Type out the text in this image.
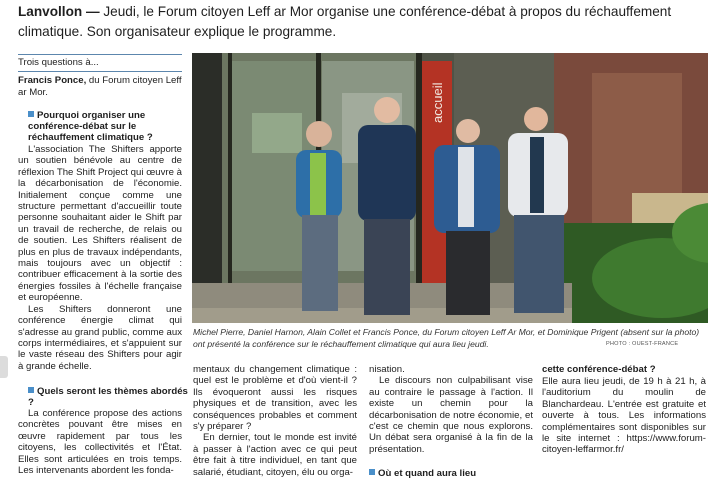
Lanvollon — Jeudi, le Forum citoyen Leff ar Mor organise une conférence-débat à propos du réchauffement climatique. Son organisateur explique le programme.
Trois questions à...
Francis Ponce, du Forum citoyen Leff ar Mor.
Pourquoi organiser une conférence-débat sur le réchauffement climatique ?

L'association The Shifters apporte un soutien bénévole au centre de réflexion The Shift Project qui œuvre à la décarbonisation de l'économie. Initialement conçue comme une structure permettant d'accueillir toute personne souhaitant aider le Shift par un travail de recherche, de relais ou de soutien. Les Shifters réalisent de plus en plus de travaux indépendants, mais toujours avec un objectif : contribuer efficacement à la sortie des énergies fossiles à l'échelle française et européenne.

Les Shifters donneront une conférence énergie climat qui s'adresse au grand public, comme aux corps intermédiaires, et s'appuient sur le vaste réseau des Shifters pour agir à grande échelle.

Quels seront les thèmes abordés ?

La conférence propose des actions concrètes pouvant être mises en œuvre rapidement par tous les citoyens, les collectivités et l'État. Elles sont articulées en trois temps. Les intervenants abordent les fonda-

accueil
Michel Pierre, Daniel Harnon, Alain Collet et Francis Ponce, du Forum citoyen Leff Ar Mor, et Dominique Prigent (absent sur la photo) ont présenté la conférence sur le réchauffement climatique qui aura lieu jeudi.	PHOTO : OUEST-FRANCE

mentaux du changement climatique : quel est le problème et d'où vient-il ? Ils évoqueront aussi les risques physiques et de transition, avec les conséquences probables et comment s'y préparer ?

En dernier, tout le monde est invité à passer à l'action avec ce qui peut être fait à titre individuel, en tant que salarié, étudiant, citoyen, élu ou orga-

nisation.

Le discours non culpabilisant vise au contraire le passage à l'action. Il existe un chemin pour la décarbonisation de notre économie, et c'est ce chemin que nous explorons. Un débat sera organisé à la fin de la présentation.

Où et quand aura lieu
cette conférence-débat ?

Elle aura lieu jeudi, de 19 h à 21 h, à l'auditorium du moulin de Blanchardeau. L'entrée est gratuite et ouverte à tous. Les informations complémentaires sont disponibles sur le site internet : https://www.forum-citoyen-leffarmor.fr/
